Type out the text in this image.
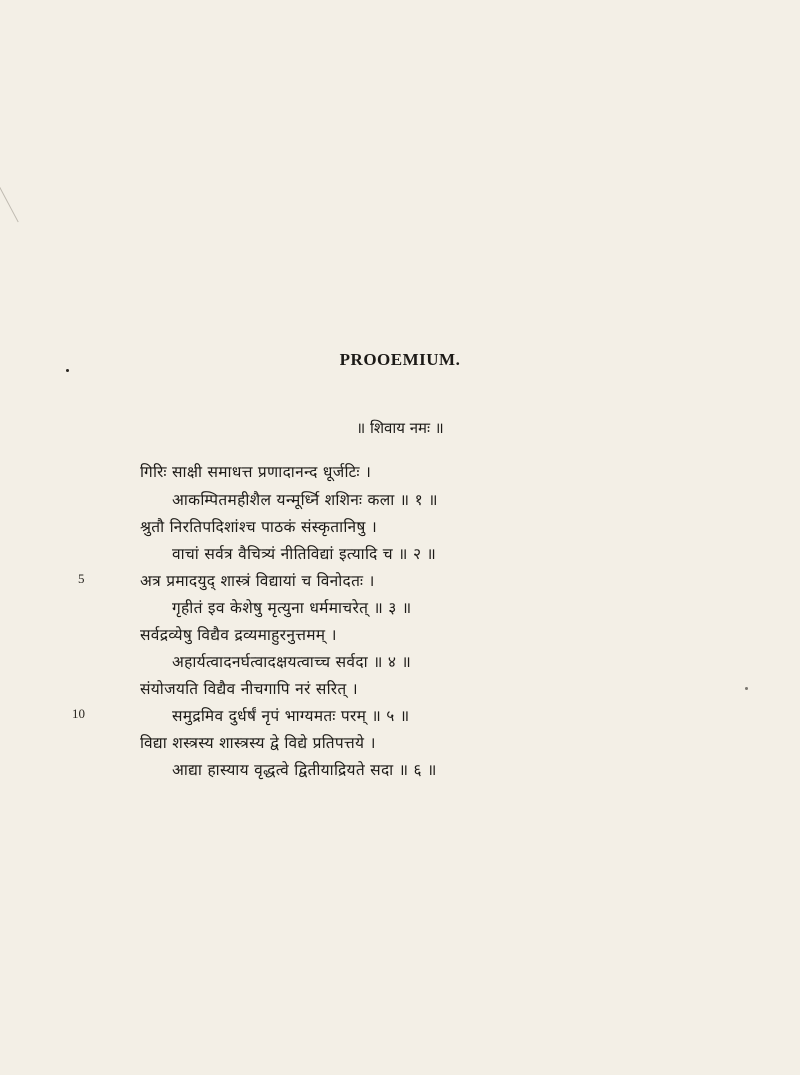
PROOEMIUM.
॥ शिवाय नमः ॥
गिरिः साक्षी समाधत्त प्रणादानन्द धूर्जटिः ।
आकम्पितमहीशैल यन्मूर्ध्नि शशिनः कला ॥ १ ॥
श्रुतौ निरतिपदिशांश्च पाठकं संस्कृतानिषु ।
वाचां सर्वत्र वैचित्र्यं नीतिविद्यां इत्यादि च ॥ २ ॥
अत्र प्रमादयुद् शास्त्रं विद्यायां च विनोदतः ।
गृहीतं इव केशेषु मृत्युना धर्ममाचरेत् ॥ ३ ॥
सर्वद्रव्येषु विद्यैव द्रव्यमाहुरनुत्तमम् ।
अहार्यत्वादनर्घत्वादक्षयत्वाच्च सर्वदा ॥ ४ ॥
संयोजयति विद्यैव नीचगापि नरं सरित् ।
समुद्रमिव दुर्धर्षं नृपं भाग्यमतः परम् ॥ ५ ॥
विद्या शस्त्रस्य शास्त्रस्य द्वे विद्ये प्रतिपत्तये ।
आद्या हास्याय वृद्धत्वे द्वितीयाद्रियते सदा ॥ ६ ॥
5
10
